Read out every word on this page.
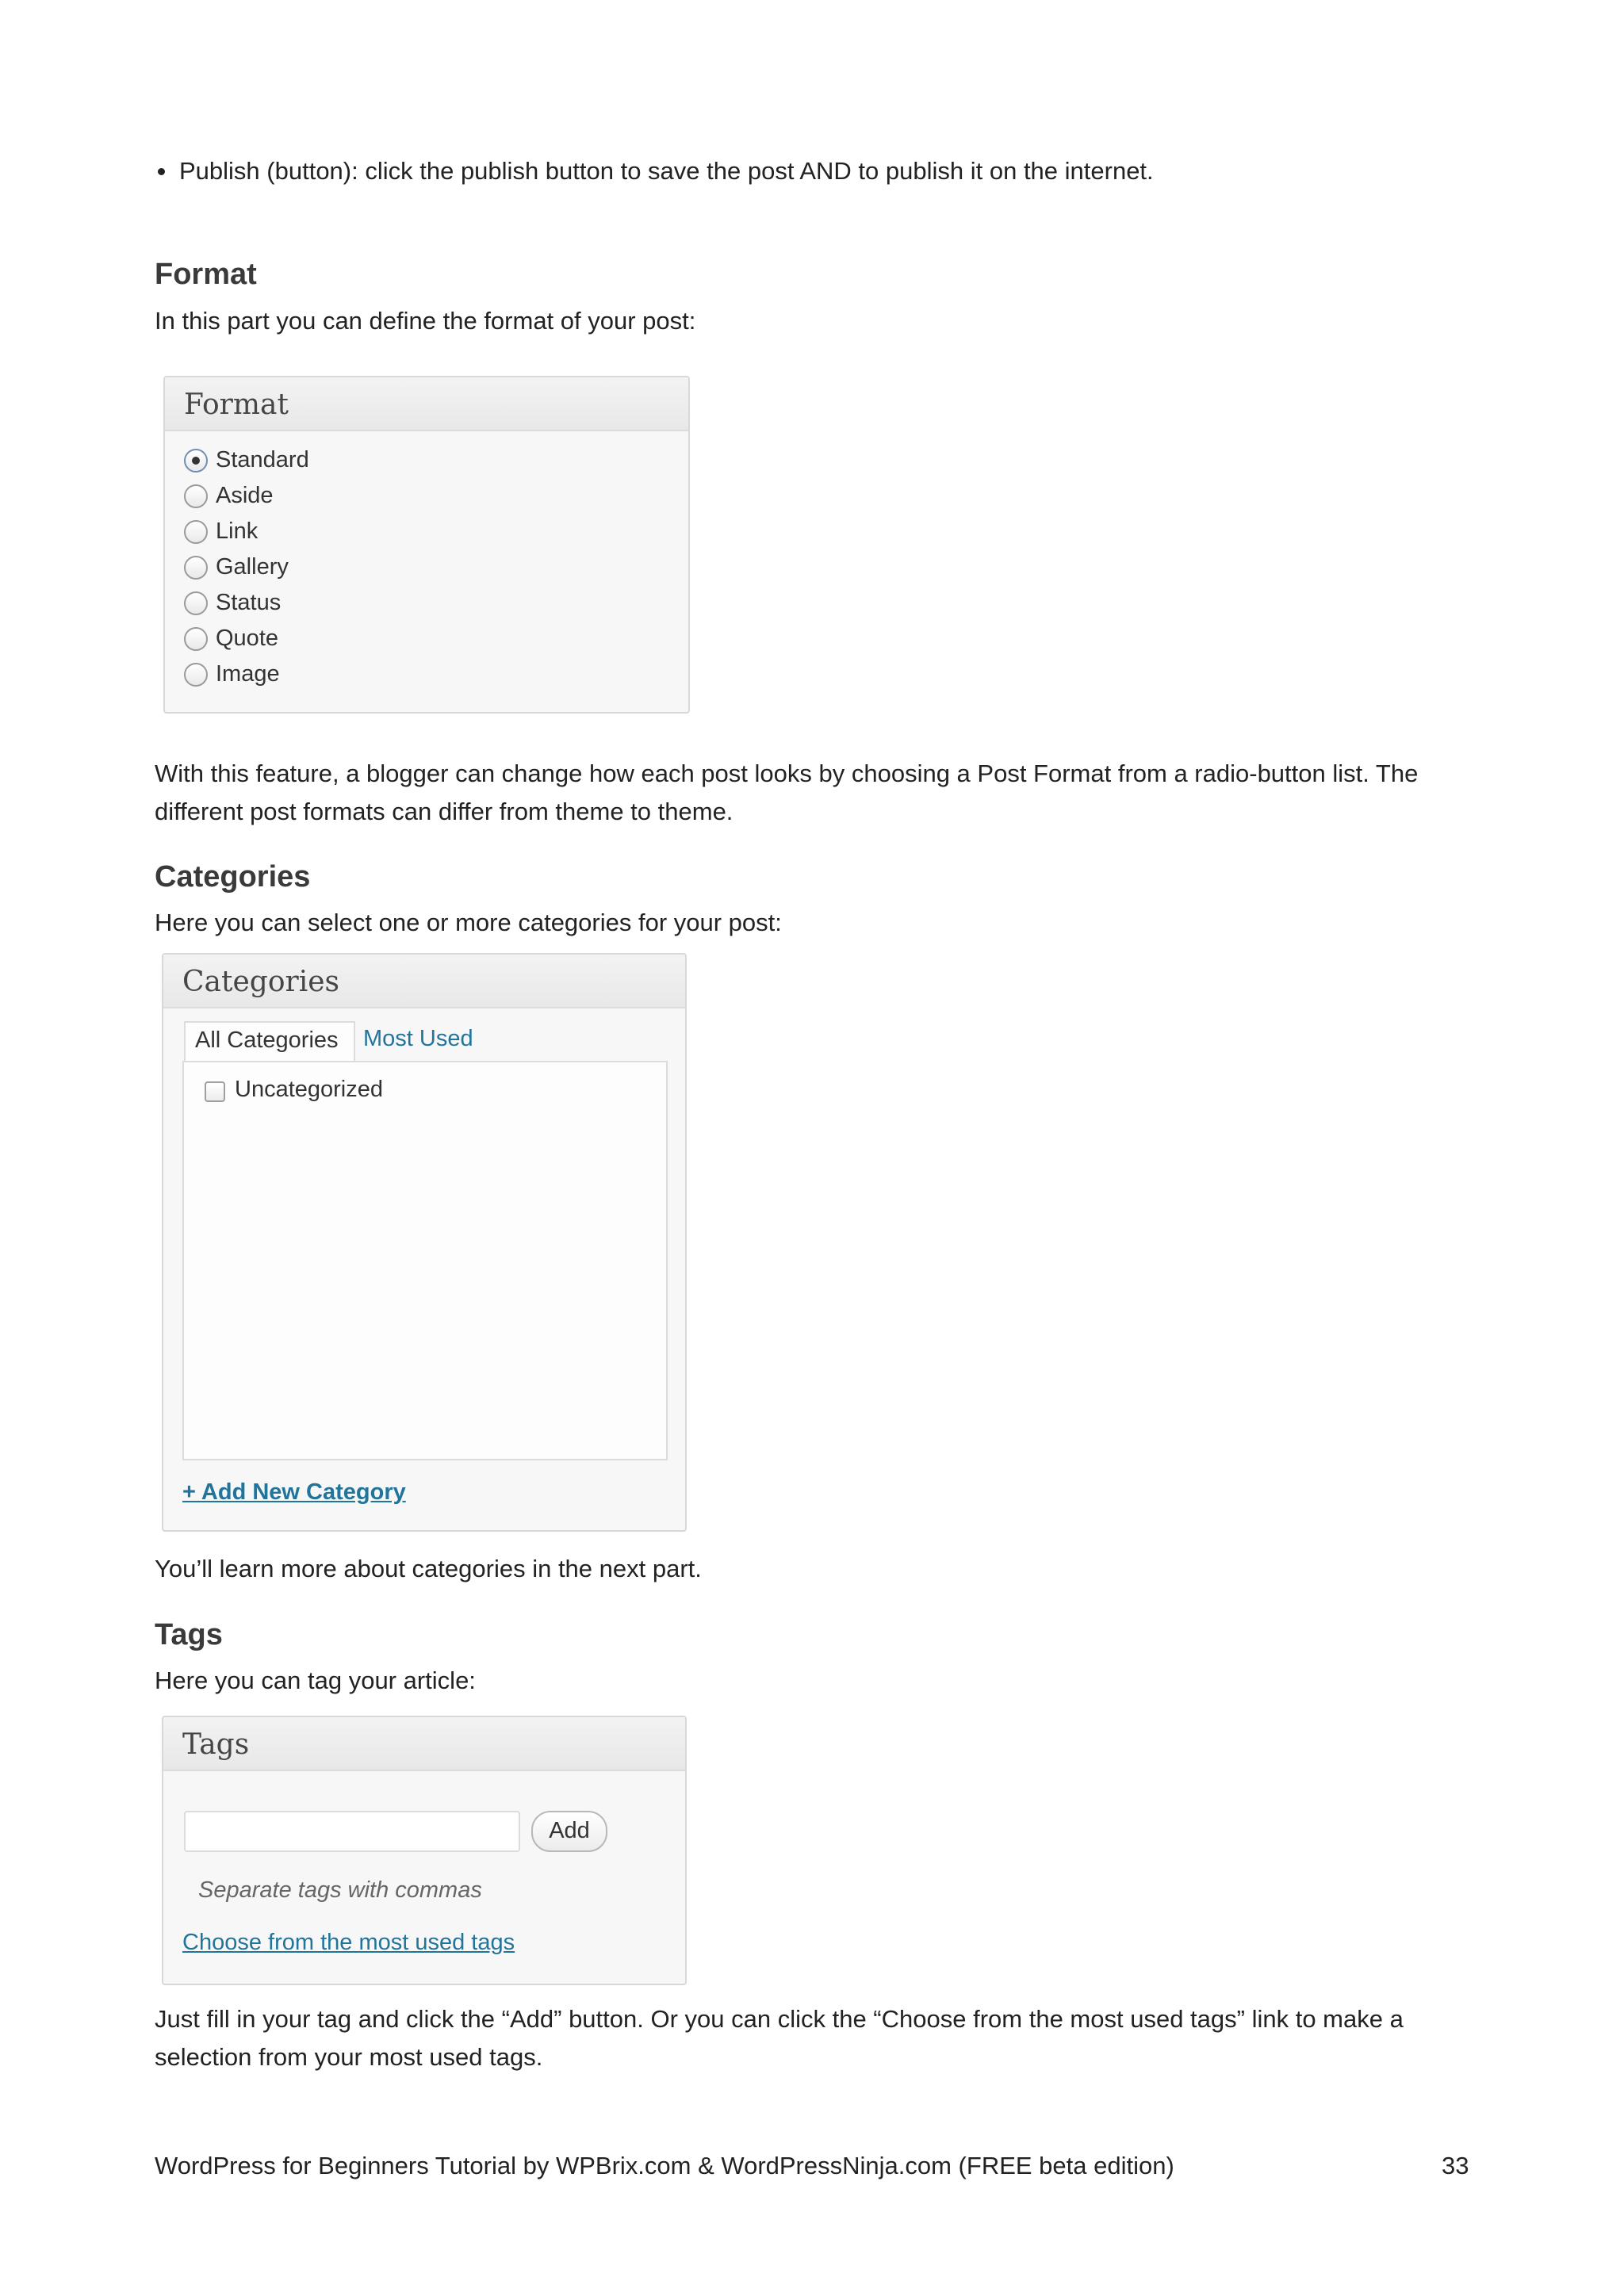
Publish (button): click the publish button to save the post AND to publish it on the internet.
Format
In this part you can define the format of your post:
Format
Standard
Aside
Link
Gallery
Status
Quote
Image
With this feature, a blogger can change how each post looks by choosing a Post Format from a radio-button list. The
different post formats can differ from theme to theme.
Categories
Here you can select one or more categories for your post:
Categories
All Categories	Most Used
Uncategorized
+ Add New Category
You’ll learn more about categories in the next part.
Tags
Here you can tag your article:
Tags
Add
Separate tags with commas
Choose from the most used tags
Just fill in your tag and click the “Add” button. Or you can click the “Choose from the most used tags” link to make a
selection from your most used tags.
WordPress for Beginners Tutorial by WPBrix.com & WordPressNinja.com (FREE beta edition)	33
